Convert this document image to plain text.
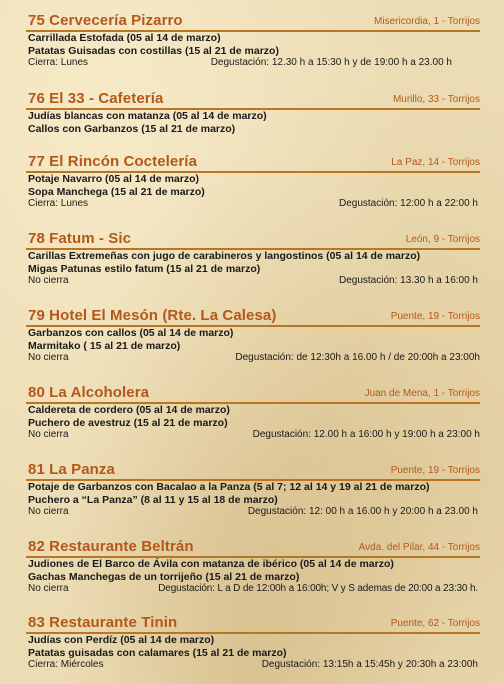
75 Cervecería Pizarro	Misericordia, 1 - Torrijos
Carrillada Estofada (05 al 14 de marzo)
Patatas Guisadas con costillas (15 al 21 de marzo)
Cierra: Lunes	Degustación: 12.30 h a 15:30 h y de 19:00 h a 23.00 h
76 El 33 - Cafetería	Murillo, 33 - Torrijos
Judías blancas con matanza (05 al 14 de marzo)
Callos con Garbanzos (15 al 21 de marzo)
77 El Rincón Coctelería	La Paz, 14 - Torrijos
Potaje Navarro (05 al 14 de marzo)
Sopa Manchega (15 al 21 de marzo)
Cierra: Lunes	Degustación: 12:00 h a 22:00 h
78 Fatum - Sic	León, 9 - Torrijos
Carillas Extremeñas con jugo de carabineros y langostinos (05 al 14 de marzo)
Migas Patunas estilo fatum (15 al 21 de marzo)
No cierra	Degustación: 13.30 h a 16:00 h
79 Hotel El Mesón (Rte. La Calesa)	Puente, 19 - Torrijos
Garbanzos con callos (05 al 14 de marzo)
Marmitako ( 15 al 21 de marzo)
No cierra	Degustación: de 12:30h a 16.00 h / de 20:00h a 23:00h
80 La Alcoholera	Juan de Mena, 1 - Torrijos
Caldereta de cordero (05 al 14 de marzo)
Puchero de avestruz (15 al 21 de marzo)
No cierra	Degustación: 12.00 h a 16:00 h y 19:00 h a 23:00 h
81 La Panza	Puente, 19 - Torrijos
Potaje de Garbanzos con Bacalao a la Panza (5 al 7; 12 al 14 y 19 al 21 de marzo)
Puchero a “La Panza” (8 al 11 y 15 al 18 de marzo)
No cierra	Degustación: 12: 00 h a 16.00 h y 20:00 h a 23.00 h
82 Restaurante Beltrán	Avda. del Pilar, 44 - Torrijos
Judiones de El Barco de Ávila con matanza de ibérico (05 al 14 de marzo)
Gachas Manchegas de un torrijeño (15 al 21 de marzo)
No cierra	Degustación: L a D de 12:00h a 16:00h; V y S ademas de 20:00 a 23:30 h.
83 Restaurante Tinin	Puente, 62 - Torrijos
Judías con Perdíz (05 al 14 de marzo)
Patatas guisadas con calamares (15 al 21 de marzo)
Cierra: Miércoles	Degustación: 13:15h a 15:45h y 20:30h a 23:00h
